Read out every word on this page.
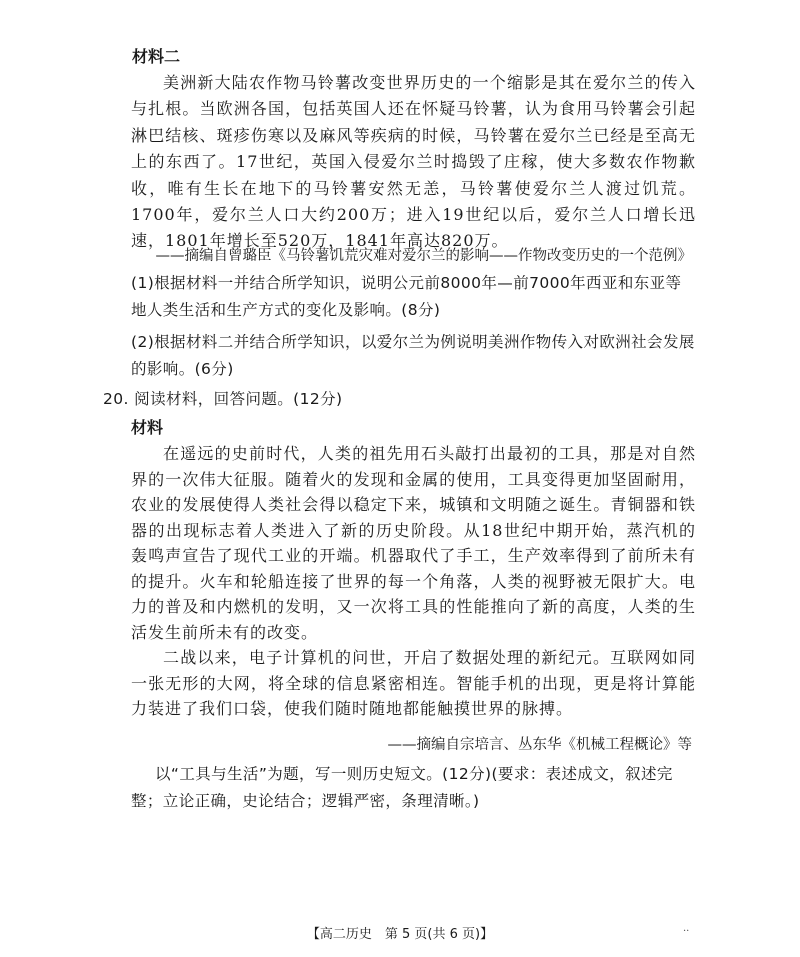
材料二
美洲新大陆农作物马铃薯改变世界历史的一个缩影是其在爱尔兰的传入与扎根。当欧洲各国，包括英国人还在怀疑马铃薯，认为食用马铃薯会引起淋巴结核、斑疹伤寒以及麻风等疾病的时候，马铃薯在爱尔兰已经是至高无上的东西了。17世纪，英国入侵爱尔兰时捣毁了庄稼，使大多数农作物歉收，唯有生长在地下的马铃薯安然无恙，马铃薯使爱尔兰人渡过饥荒。1700年，爱尔兰人口大约200万；进入19世纪以后，爱尔兰人口增长迅速，1801年增长至520万，1841年高达820万。
——摘编自曾璐臣《马铃薯饥荒灾难对爱尔兰的影响——作物改变历史的一个范例》
(1)根据材料一并结合所学知识，说明公元前8000年—前7000年西亚和东亚等地人类生活和生产方式的变化及影响。(8分)
(2)根据材料二并结合所学知识，以爱尔兰为例说明美洲作物传入对欧洲社会发展的影响。(6分)
20. 阅读材料，回答问题。(12分)
材料
在遥远的史前时代，人类的祖先用石头敲打出最初的工具，那是对自然界的一次伟大征服。随着火的发现和金属的使用，工具变得更加坚固耐用，农业的发展使得人类社会得以稳定下来，城镇和文明随之诞生。青铜器和铁器的出现标志着人类进入了新的历史阶段。从18世纪中期开始，蒸汽机的轰鸣声宣告了现代工业的开端。机器取代了手工，生产效率得到了前所未有的提升。火车和轮船连接了世界的每一个角落，人类的视野被无限扩大。电力的普及和内燃机的发明，又一次将工具的性能推向了新的高度，人类的生活发生前所未有的改变。
二战以来，电子计算机的问世，开启了数据处理的新纪元。互联网如同一张无形的大网，将全球的信息紧密相连。智能手机的出现，更是将计算能力装进了我们口袋，使我们随时随地都能触摸世界的脉搏。
——摘编自宗培言、丛东华《机械工程概论》等
以“工具与生活”为题，写一则历史短文。(12分)(要求：表述成文，叙述完整；立论正确，史论结合；逻辑严密，条理清晰。)
【高二历史　第 5 页(共 6 页)】	··
